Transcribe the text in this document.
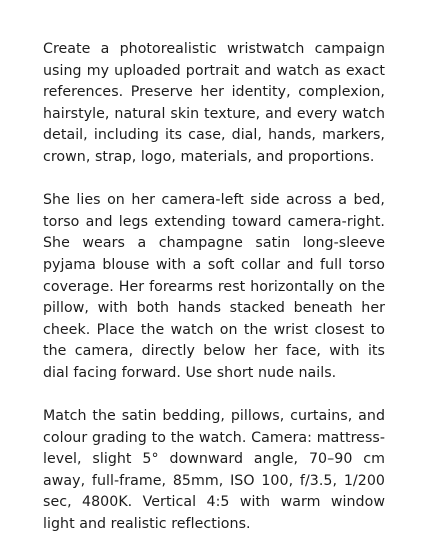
Create a photorealistic wristwatch campaign using my uploaded portrait and watch as exact references. Preserve her identity, complexion, hairstyle, natural skin texture, and every watch detail, including its case, dial, hands, markers, crown, strap, logo, materials, and proportions.

She lies on her camera-left side across a bed, torso and legs extending toward camera-right. She wears a champagne satin long-sleeve pyjama blouse with a soft collar and full torso coverage. Her forearms rest horizontally on the pillow, with both hands stacked beneath her cheek. Place the watch on the wrist closest to the camera, directly below her face, with its dial facing forward. Use short nude nails.

Match the satin bedding, pillows, curtains, and colour grading to the watch. Camera: mattress-level, slight 5° downward angle, 70–90 cm away, full-frame, 85mm, ISO 100, f/3.5, 1/200 sec, 4800K. Vertical 4:5 with warm window light and realistic reflections.
